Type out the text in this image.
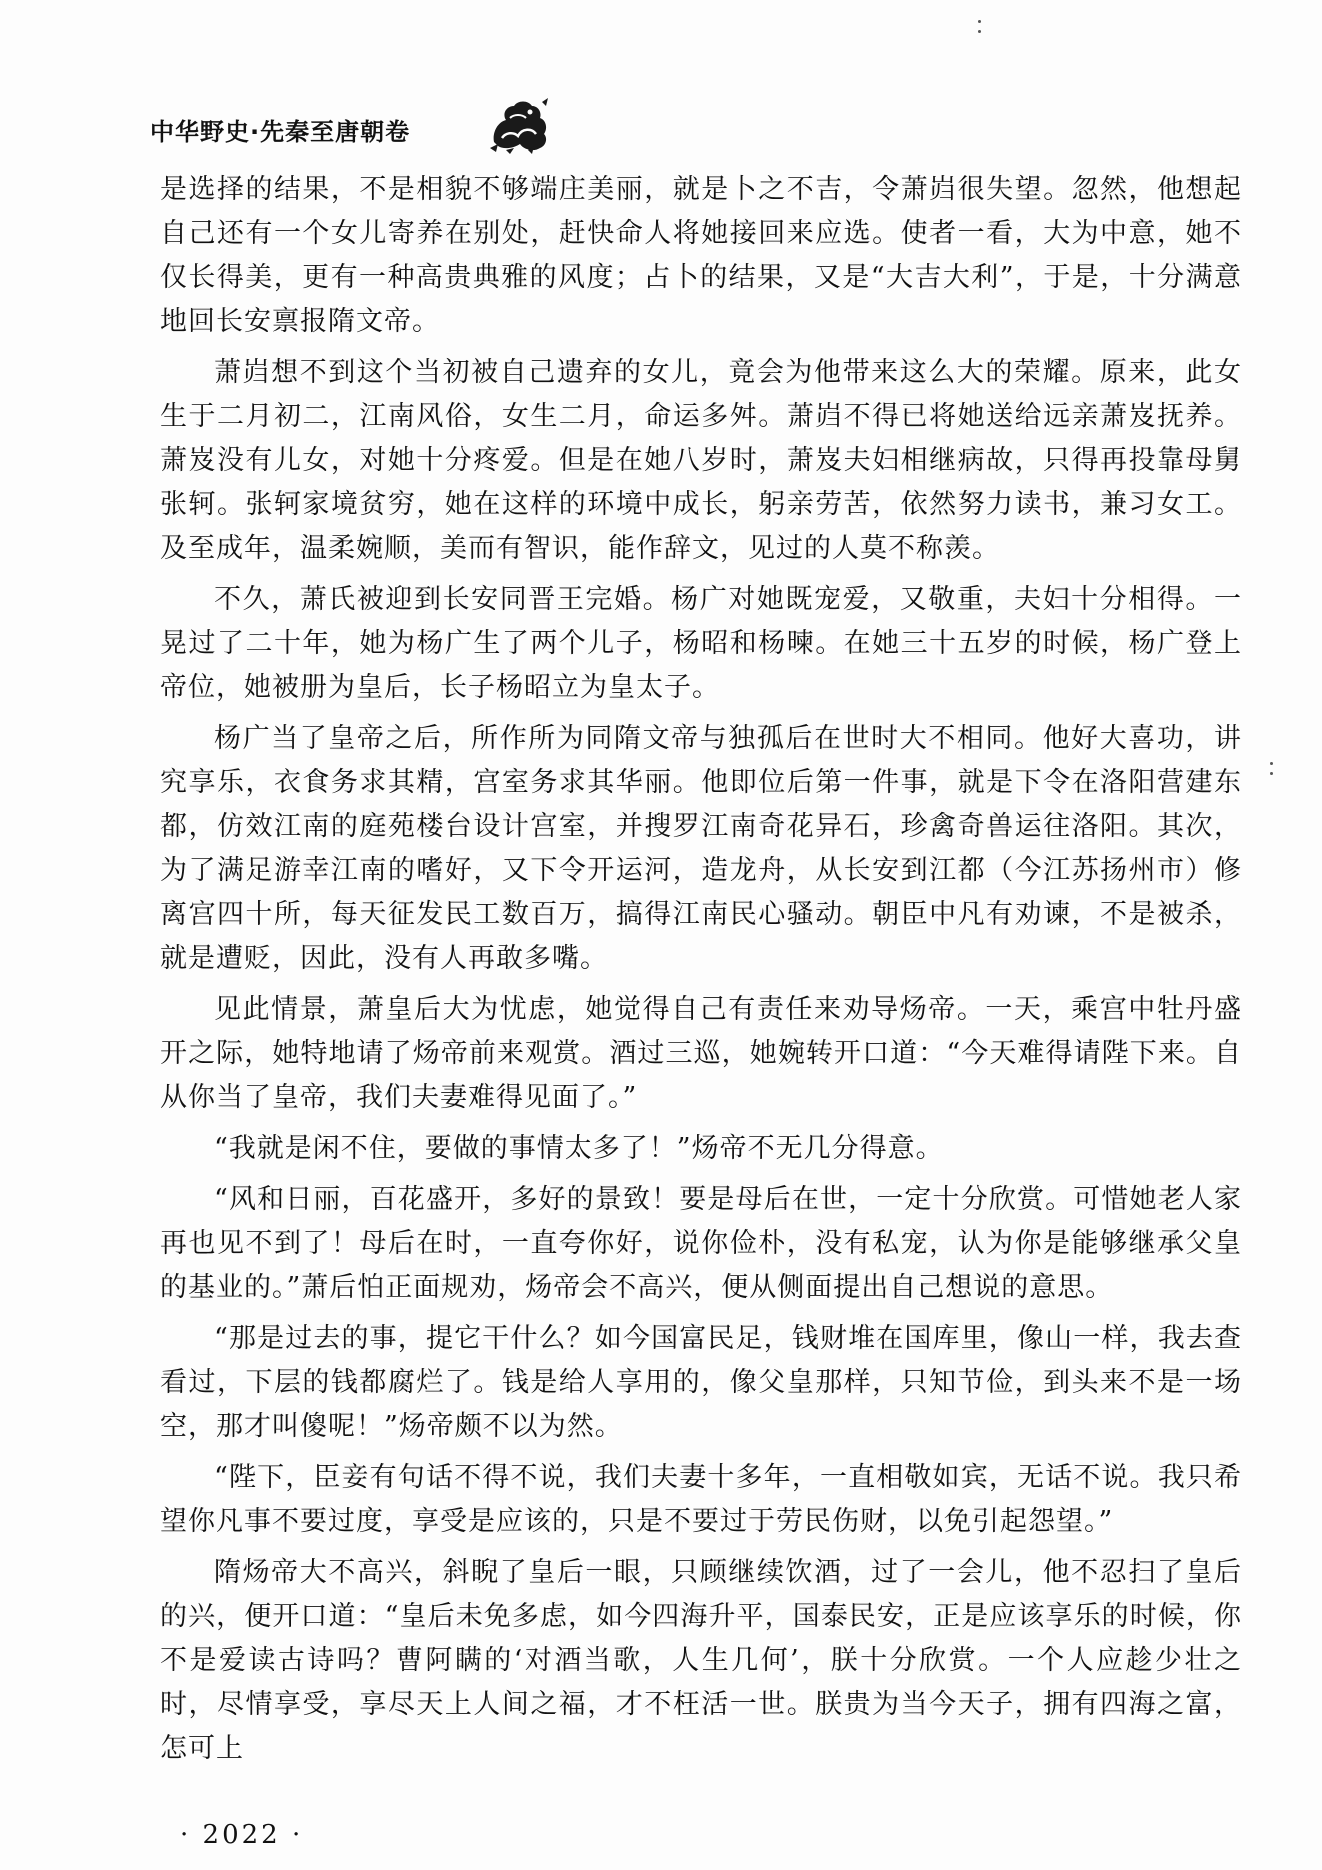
中华野史·先秦至唐朝卷

是选择的结果，不是相貌不够端庄美丽，就是卜之不吉，令萧岿很失望。忽然，他想起自己还有一个女儿寄养在别处，赶快命人将她接回来应选。使者一看，大为中意，她不仅长得美，更有一种高贵典雅的风度；占卜的结果，又是“大吉大利”，于是，十分满意地回长安禀报隋文帝。

萧岿想不到这个当初被自己遗弃的女儿，竟会为他带来这么大的荣耀。原来，此女生于二月初二，江南风俗，女生二月，命运多舛。萧岿不得已将她送给远亲萧岌抚养。萧岌没有儿女，对她十分疼爱。但是在她八岁时，萧岌夫妇相继病故，只得再投靠母舅张轲。张轲家境贫穷，她在这样的环境中成长，躬亲劳苦，依然努力读书，兼习女工。及至成年，温柔婉顺，美而有智识，能作辞文，见过的人莫不称羡。

不久，萧氏被迎到长安同晋王完婚。杨广对她既宠爱，又敬重，夫妇十分相得。一晃过了二十年，她为杨广生了两个儿子，杨昭和杨暕。在她三十五岁的时候，杨广登上帝位，她被册为皇后，长子杨昭立为皇太子。

杨广当了皇帝之后，所作所为同隋文帝与独孤后在世时大不相同。他好大喜功，讲究享乐，衣食务求其精，宫室务求其华丽。他即位后第一件事，就是下令在洛阳营建东都，仿效江南的庭苑楼台设计宫室，并搜罗江南奇花异石，珍禽奇兽运往洛阳。其次，为了满足游幸江南的嗜好，又下令开运河，造龙舟，从长安到江都（今江苏扬州市）修离宫四十所，每天征发民工数百万，搞得江南民心骚动。朝臣中凡有劝谏，不是被杀，就是遭贬，因此，没有人再敢多嘴。

见此情景，萧皇后大为忧虑，她觉得自己有责任来劝导炀帝。一天，乘宫中牡丹盛开之际，她特地请了炀帝前来观赏。酒过三巡，她婉转开口道：“今天难得请陛下来。自从你当了皇帝，我们夫妻难得见面了。”

“我就是闲不住，要做的事情太多了！”炀帝不无几分得意。

“风和日丽，百花盛开，多好的景致！要是母后在世，一定十分欣赏。可惜她老人家再也见不到了！母后在时，一直夸你好，说你俭朴，没有私宠，认为你是能够继承父皇的基业的。”萧后怕正面规劝，炀帝会不高兴，便从侧面提出自己想说的意思。

“那是过去的事，提它干什么？如今国富民足，钱财堆在国库里，像山一样，我去查看过，下层的钱都腐烂了。钱是给人享用的，像父皇那样，只知节俭，到头来不是一场空，那才叫傻呢！”炀帝颇不以为然。

“陛下，臣妾有句话不得不说，我们夫妻十多年，一直相敬如宾，无话不说。我只希望你凡事不要过度，享受是应该的，只是不要过于劳民伤财，以免引起怨望。”

隋炀帝大不高兴，斜睨了皇后一眼，只顾继续饮酒，过了一会儿，他不忍扫了皇后的兴，便开口道：“皇后未免多虑，如今四海升平，国泰民安，正是应该享乐的时候，你不是爱读古诗吗？曹阿瞒的‘对酒当歌，人生几何’，朕十分欣赏。一个人应趁少壮之时，尽情享受，享尽天上人间之福，才不枉活一世。朕贵为当今天子，拥有四海之富，怎可上

· 2022 ·
